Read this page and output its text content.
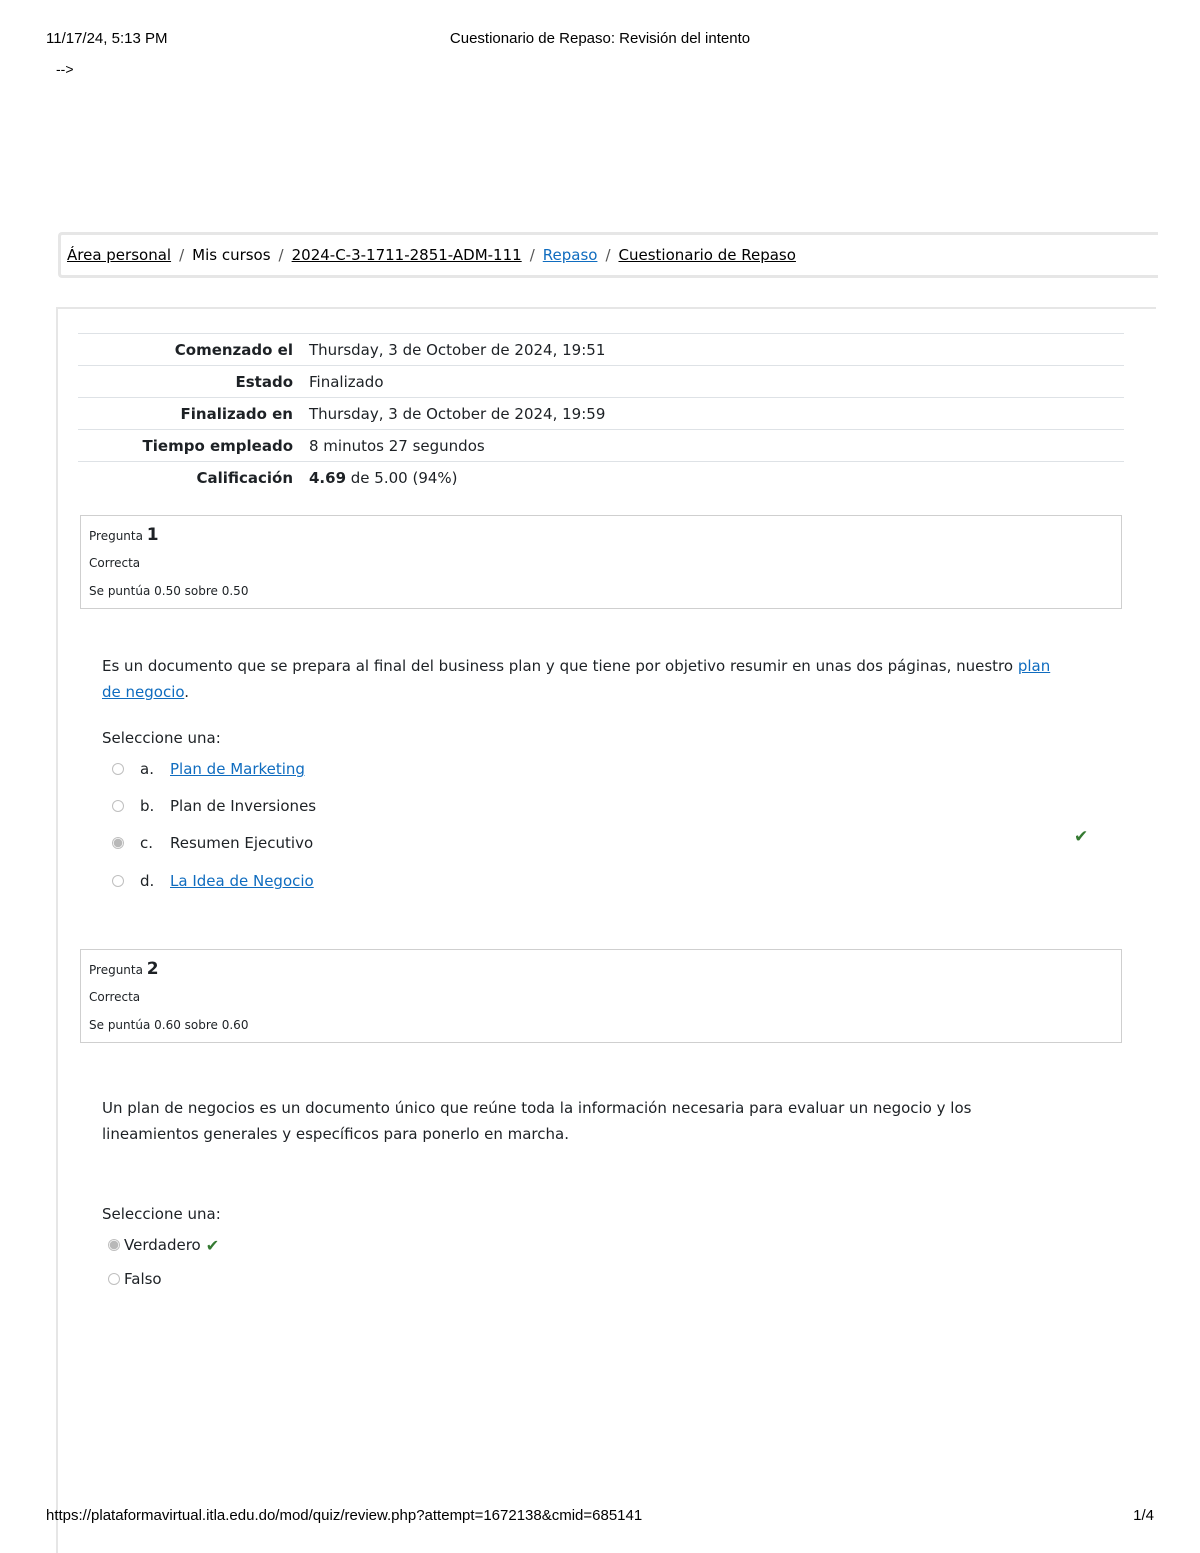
11/17/24, 5:13 PM	Cuestionario de Repaso: Revisión del intento
-->
Área personal / Mis cursos / 2024-C-3-1711-2851-ADM-111 / Repaso / Cuestionario de Repaso
Comenzado el	Thursday, 3 de October de 2024, 19:51
Estado	Finalizado
Finalizado en	Thursday, 3 de October de 2024, 19:59
Tiempo empleado	8 minutos 27 segundos
Calificación	4.69 de 5.00 (94%)
Pregunta 1
Correcta
Se puntúa 0.50 sobre 0.50
Es un documento que se prepara al final del business plan y que tiene por objetivo resumir en unas dos páginas, nuestro plan de negocio.
Seleccione una:
a.	Plan de Marketing
b.	Plan de Inversiones
c.	Resumen Ejecutivo	✔
d.	La Idea de Negocio
Pregunta 2
Correcta
Se puntúa 0.60 sobre 0.60
Un plan de negocios es un documento único que reúne toda la información necesaria para evaluar un negocio y los lineamientos generales y específicos para ponerlo en marcha.
Seleccione una:
Verdadero ✔
Falso
https://plataformavirtual.itla.edu.do/mod/quiz/review.php?attempt=1672138&cmid=685141	1/4
